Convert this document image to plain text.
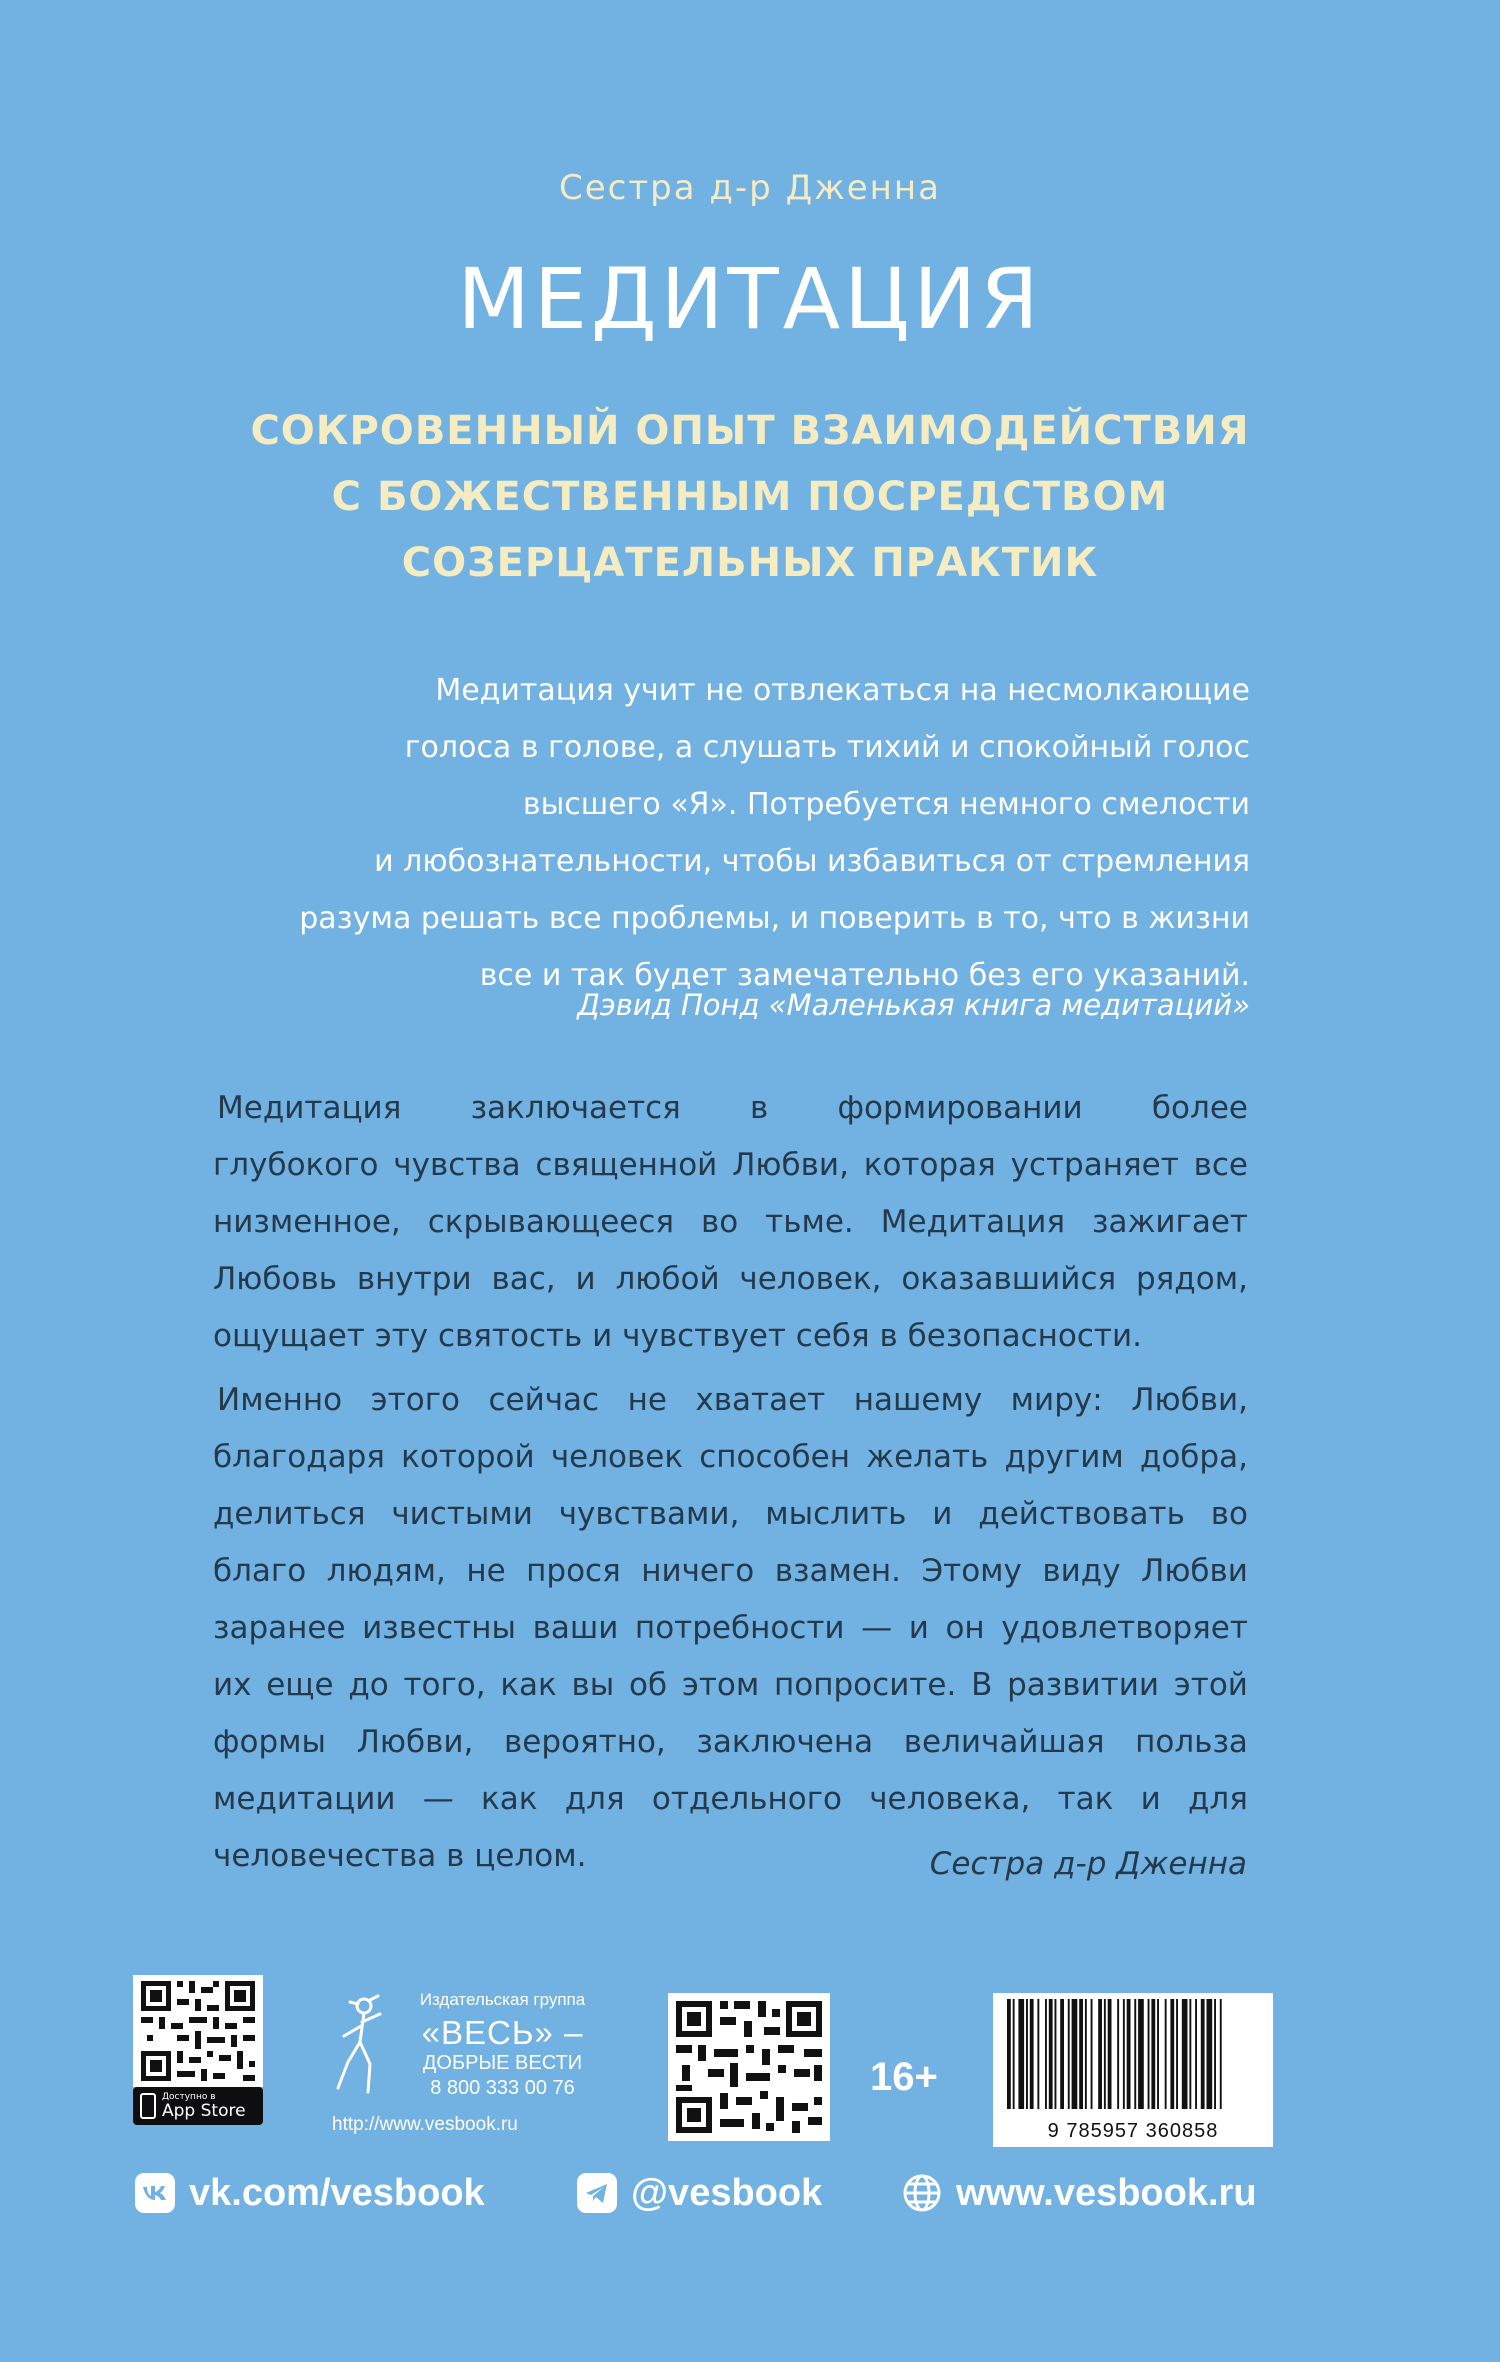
Сестра д-р Дженна
МЕДИТАЦИЯ
СОКРОВЕННЫЙ ОПЫТ ВЗАИМОДЕЙСТВИЯ
С БОЖЕСТВЕННЫМ ПОСРЕДСТВОМ
СОЗЕРЦАТЕЛЬНЫХ ПРАКТИК
Медитация учит не отвлекаться на несмолкающие
голоса в голове, а слушать тихий и спокойный голос
высшего «Я». Потребуется немного смелости
и любознательности, чтобы избавиться от стремления
разума решать все проблемы, и поверить в то, что в жизни
все и так будет замечательно без его указаний.
Дэвид Понд «Маленькая книга медитаций»
Медитация заключается в формировании более
глубокого чувства священной Любви, которая устраняет все
низменное, скрывающееся во тьме. Медитация зажигает
Любовь внутри вас, и любой человек, оказавшийся рядом,
ощущает эту святость и чувствует себя в безопасности.
Именно этого сейчас не хватает нашему миру: Любви,
благодаря которой человек способен желать другим добра,
делиться чистыми чувствами, мыслить и действовать во
благо людям, не прося ничего взамен. Этому виду Любви
заранее известны ваши потребности — и он удовлетворяет
их еще до того, как вы об этом попросите. В развитии этой
формы Любви, вероятно, заключена величайшая польза
медитации — как для отдельного человека, так и для
человечества в целом.	Сестра д-р Дженна
Доступно в
App Store
Издательская группа
«ВЕСЬ» –
ДОБРЫЕ ВЕСТИ
8 800 333 00 76
http://www.vesbook.ru
16+
9 785957 360858
vk.com/vesbook	@vesbook	www.vesbook.ru
